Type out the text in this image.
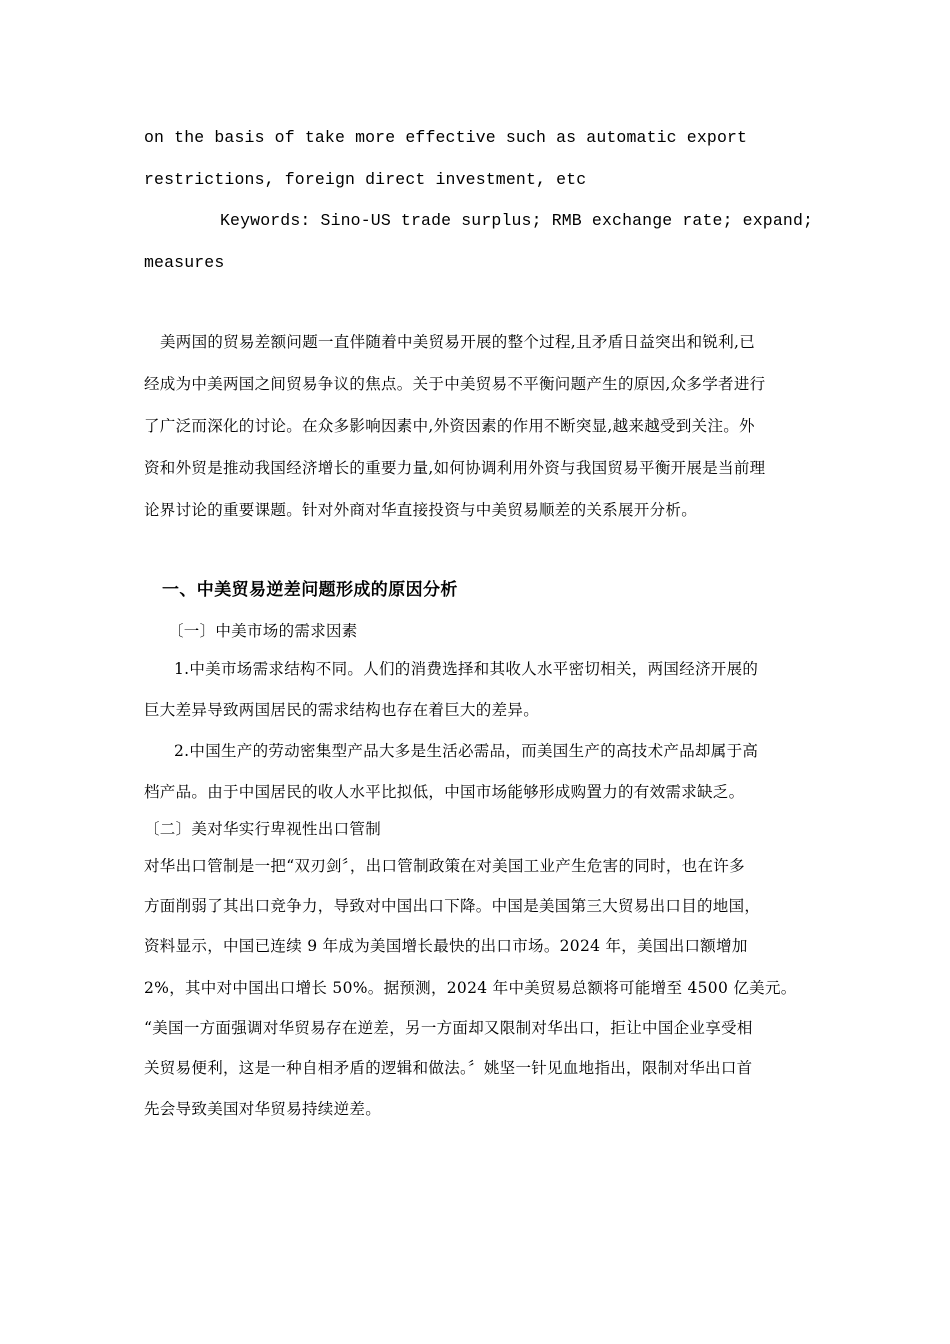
on the basis of take more effective such as automatic export
restrictions, foreign direct investment, etc
Keywords: Sino-US trade surplus; RMB exchange rate; expand;
measures
美两国的贸易差额问题一直伴随着中美贸易开展的整个过程,且矛盾日益突出和锐利,已
经成为中美两国之间贸易争议的焦点。关于中美贸易不平衡问题产生的原因,众多学者进行
了广泛而深化的讨论。在众多影响因素中,外资因素的作用不断突显,越来越受到关注。外
资和外贸是推动我国经济增长的重要力量,如何协调利用外资与我国贸易平衡开展是当前理
论界讨论的重要课题。针对外商对华直接投资与中美贸易顺差的关系展开分析。
一、中美贸易逆差问题形成的原因分析
〔一〕中美市场的需求因素
1.中美市场需求结构不同。人们的消费选择和其收人水平密切相关，两国经济开展的
巨大差异导致两国居民的需求结构也存在着巨大的差异。
2.中国生产的劳动密集型产品大多是生活必需品，而美国生产的高技术产品却属于高
档产品。由于中国居民的收人水平比拟低，中国市场能够形成购置力的有效需求缺乏。
〔二〕美对华实行卑视性出口管制
对华出口管制是一把“双刃剑〞，出口管制政策在对美国工业产生危害的同时，也在许多
方面削弱了其出口竞争力，导致对中国出口下降。中国是美国第三大贸易出口目的地国，
资料显示，中国已连续 9 年成为美国增长最快的出口市场。2024 年，美国出口额增加
2%，其中对中国出口增长 50%。据预测，2024 年中美贸易总额将可能增至 4500 亿美元。
“美国一方面强调对华贸易存在逆差，另一方面却又限制对华出口，拒让中国企业享受相
关贸易便利，这是一种自相矛盾的逻辑和做法。〞姚坚一针见血地指出，限制对华出口首
先会导致美国对华贸易持续逆差。
